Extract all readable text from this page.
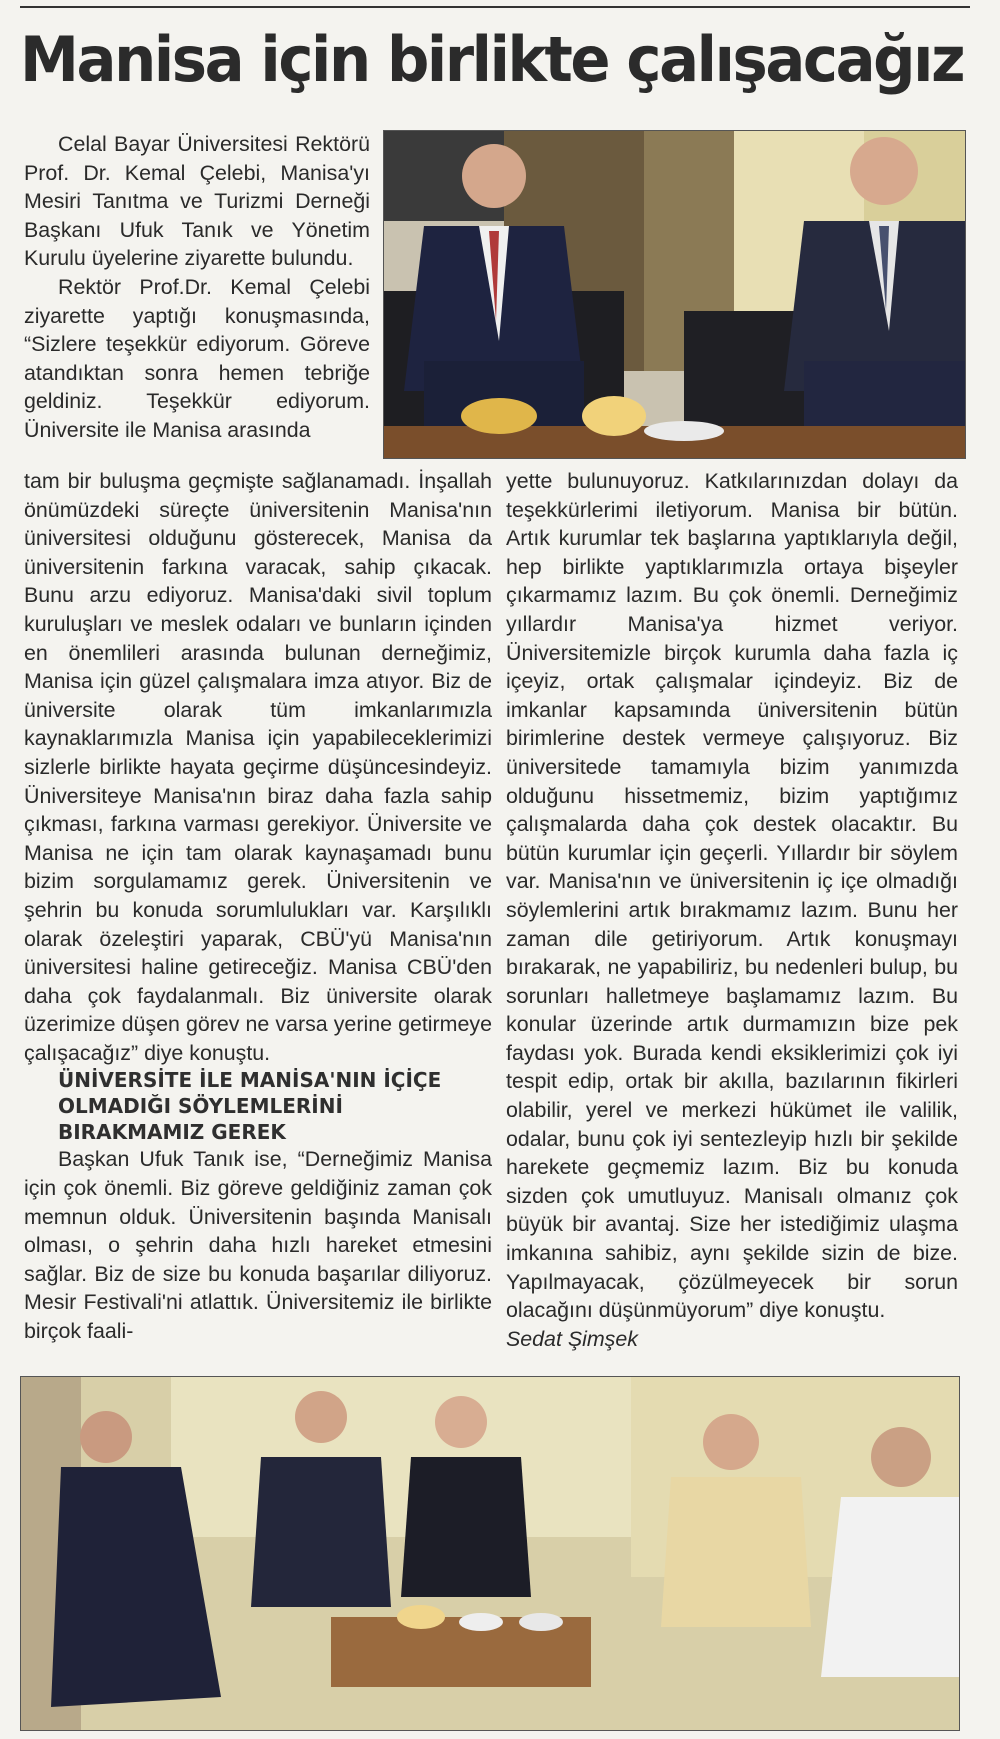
Manisa için birlikte çalışacağız

Celal Bayar Üniversitesi Rektörü Prof. Dr. Kemal Çelebi, Manisa'yı Mesiri Tanıtma ve Turizmi Derneği Başkanı Ufuk Tanık ve Yönetim Kurulu üyelerine ziyarette bulundu.

Rektör Prof.Dr. Kemal Çelebi ziyarette yaptığı konuşmasında, “Sizlere teşekkür ediyorum. Göreve atandıktan sonra hemen tebriğe geldiniz. Teşekkür ediyorum. Üniversite ile Manisa arasında

tam bir buluşma geçmişte sağlanamadı. İnşallah önümüzdeki süreçte üniversitenin Manisa'nın üniversitesi olduğunu gösterecek, Manisa da üniversitenin farkına varacak, sahip çıkacak. Bunu arzu ediyoruz. Manisa'daki sivil toplum kuruluşları ve meslek odaları ve bunların içinden en önemlileri arasında bulunan derneğimiz, Manisa için güzel çalışmalara imza atıyor. Biz de üniversite olarak tüm imkanlarımızla kaynaklarımızla Manisa için yapabileceklerimizi sizlerle birlikte hayata geçirme düşüncesindeyiz. Üniversiteye Manisa'nın biraz daha fazla sahip çıkması, farkına varması gerekiyor. Üniversite ve Manisa ne için tam olarak kaynaşamadı bunu bizim sorgulamamız gerek. Üniversitenin ve şehrin bu konuda sorumlulukları var. Karşılıklı olarak özeleştiri yaparak, CBÜ'yü Manisa'nın üniversitesi haline getireceğiz. Manisa CBÜ'den daha çok faydalanmalı. Biz üniversite olarak üzerimize düşen görev ne varsa yerine getirmeye çalışacağız” diye konuştu.

ÜNİVERSİTE İLE MANİSA'NIN İÇİÇE OLMADIĞI SÖYLEMLERİNİ BIRAKMAMIZ GEREK

Başkan Ufuk Tanık ise, “Derneğimiz Manisa için çok önemli. Biz göreve geldiğiniz zaman çok memnun olduk. Üniversitenin başında Manisalı olması, o şehrin daha hızlı hareket etmesini sağlar. Biz de size bu konuda başarılar diliyoruz. Mesir Festivali'ni atlattık. Üniversitemiz ile birlikte birçok faali-

yette bulunuyoruz. Katkılarınızdan dolayı da teşekkürlerimi iletiyorum. Manisa bir bütün. Artık kurumlar tek başlarına yaptıklarıyla değil, hep birlikte yaptıklarımızla ortaya bişeyler çıkarmamız lazım. Bu çok önemli. Derneğimiz yıllardır Manisa'ya hizmet veriyor. Üniversitemizle birçok kurumla daha fazla iç içeyiz, ortak çalışmalar içindeyiz. Biz de imkanlar kapsamında üniversitenin bütün birimlerine destek vermeye çalışıyoruz. Biz üniversitede tamamıyla bizim yanımızda olduğunu hissetmemiz, bizim yaptığımız çalışmalarda daha çok destek olacaktır. Bu bütün kurumlar için geçerli. Yıllardır bir söylem var. Manisa'nın ve üniversitenin iç içe olmadığı söylemlerini artık bırakmamız lazım. Bunu her zaman dile getiriyorum. Artık konuşmayı bırakarak, ne yapabiliriz, bu nedenleri bulup, bu sorunları halletmeye başlamamız lazım. Bu konular üzerinde artık durmamızın bize pek faydası yok. Burada kendi eksiklerimizi çok iyi tespit edip, ortak bir akılla, bazılarının fikirleri olabilir, yerel ve merkezi hükümet ile valilik, odalar, bunu çok iyi sentezleyip hızlı bir şekilde harekete geçmemiz lazım. Biz bu konuda sizden çok umutluyuz. Manisalı olmanız çok büyük bir avantaj. Size her istediğimiz ulaşma imkanına sahibiz, aynı şekilde sizin de bize. Yapılmayacak, çözülmeyecek bir sorun olacağını düşünmüyorum” diye konuştu.

Sedat Şimşek
